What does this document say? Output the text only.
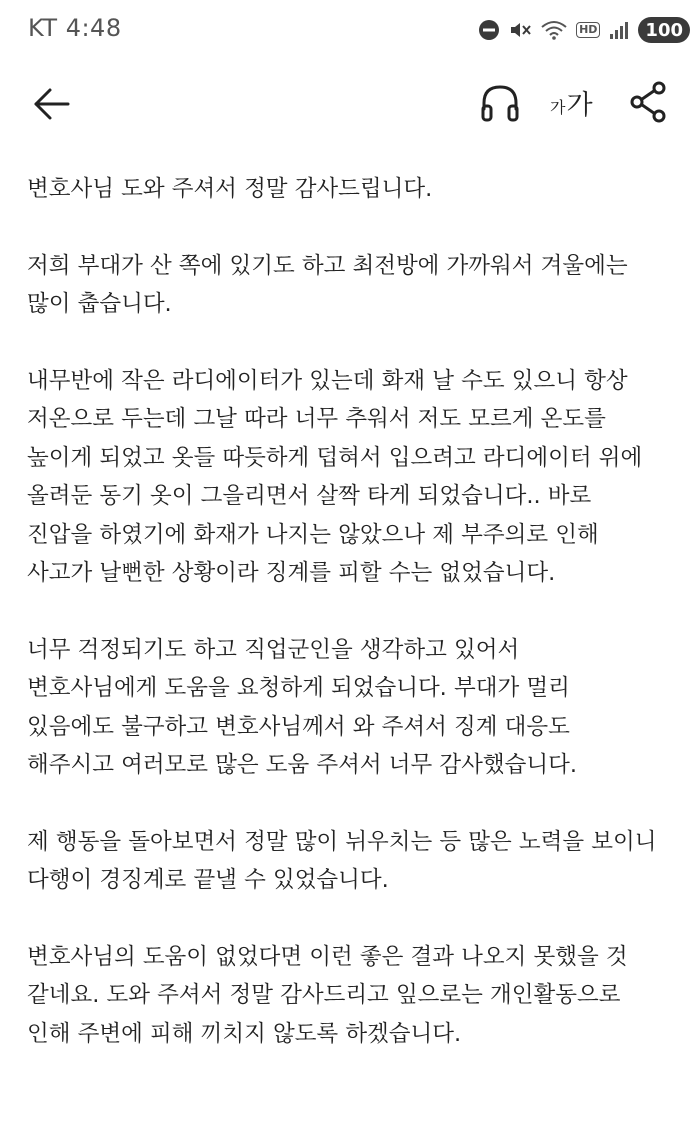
KT 4:48	HD	100
가 가

변호사님 도와 주셔서 정말 감사드립니다.

저희 부대가 산 쪽에 있기도 하고 최전방에 가까워서 겨울에는
많이 춥습니다.

내무반에 작은 라디에이터가 있는데 화재 날 수도 있으니 항상
저온으로 두는데 그날 따라 너무 추워서 저도 모르게 온도를
높이게 되었고 옷들 따듯하게 덥혀서 입으려고 라디에이터 위에
올려둔 동기 옷이 그을리면서 살짝 타게 되었습니다.. 바로
진압을 하였기에 화재가 나지는 않았으나 제 부주의로 인해
사고가 날뻔한 상황이라 징계를 피할 수는 없었습니다.

너무 걱정되기도 하고 직업군인을 생각하고 있어서
변호사님에게 도움을 요청하게 되었습니다. 부대가 멀리
있음에도 불구하고 변호사님께서 와 주셔서 징계 대응도
해주시고 여러모로 많은 도움 주셔서 너무 감사했습니다.

제 행동을 돌아보면서 정말 많이 뉘우치는 등 많은 노력을 보이니
다행이 경징계로 끝낼 수 있었습니다.

변호사님의 도움이 없었다면 이런 좋은 결과 나오지 못했을 것
같네요. 도와 주셔서 정말 감사드리고 잎으로는 개인활동으로
인해 주변에 피해 끼치지 않도록 하겠습니다.
